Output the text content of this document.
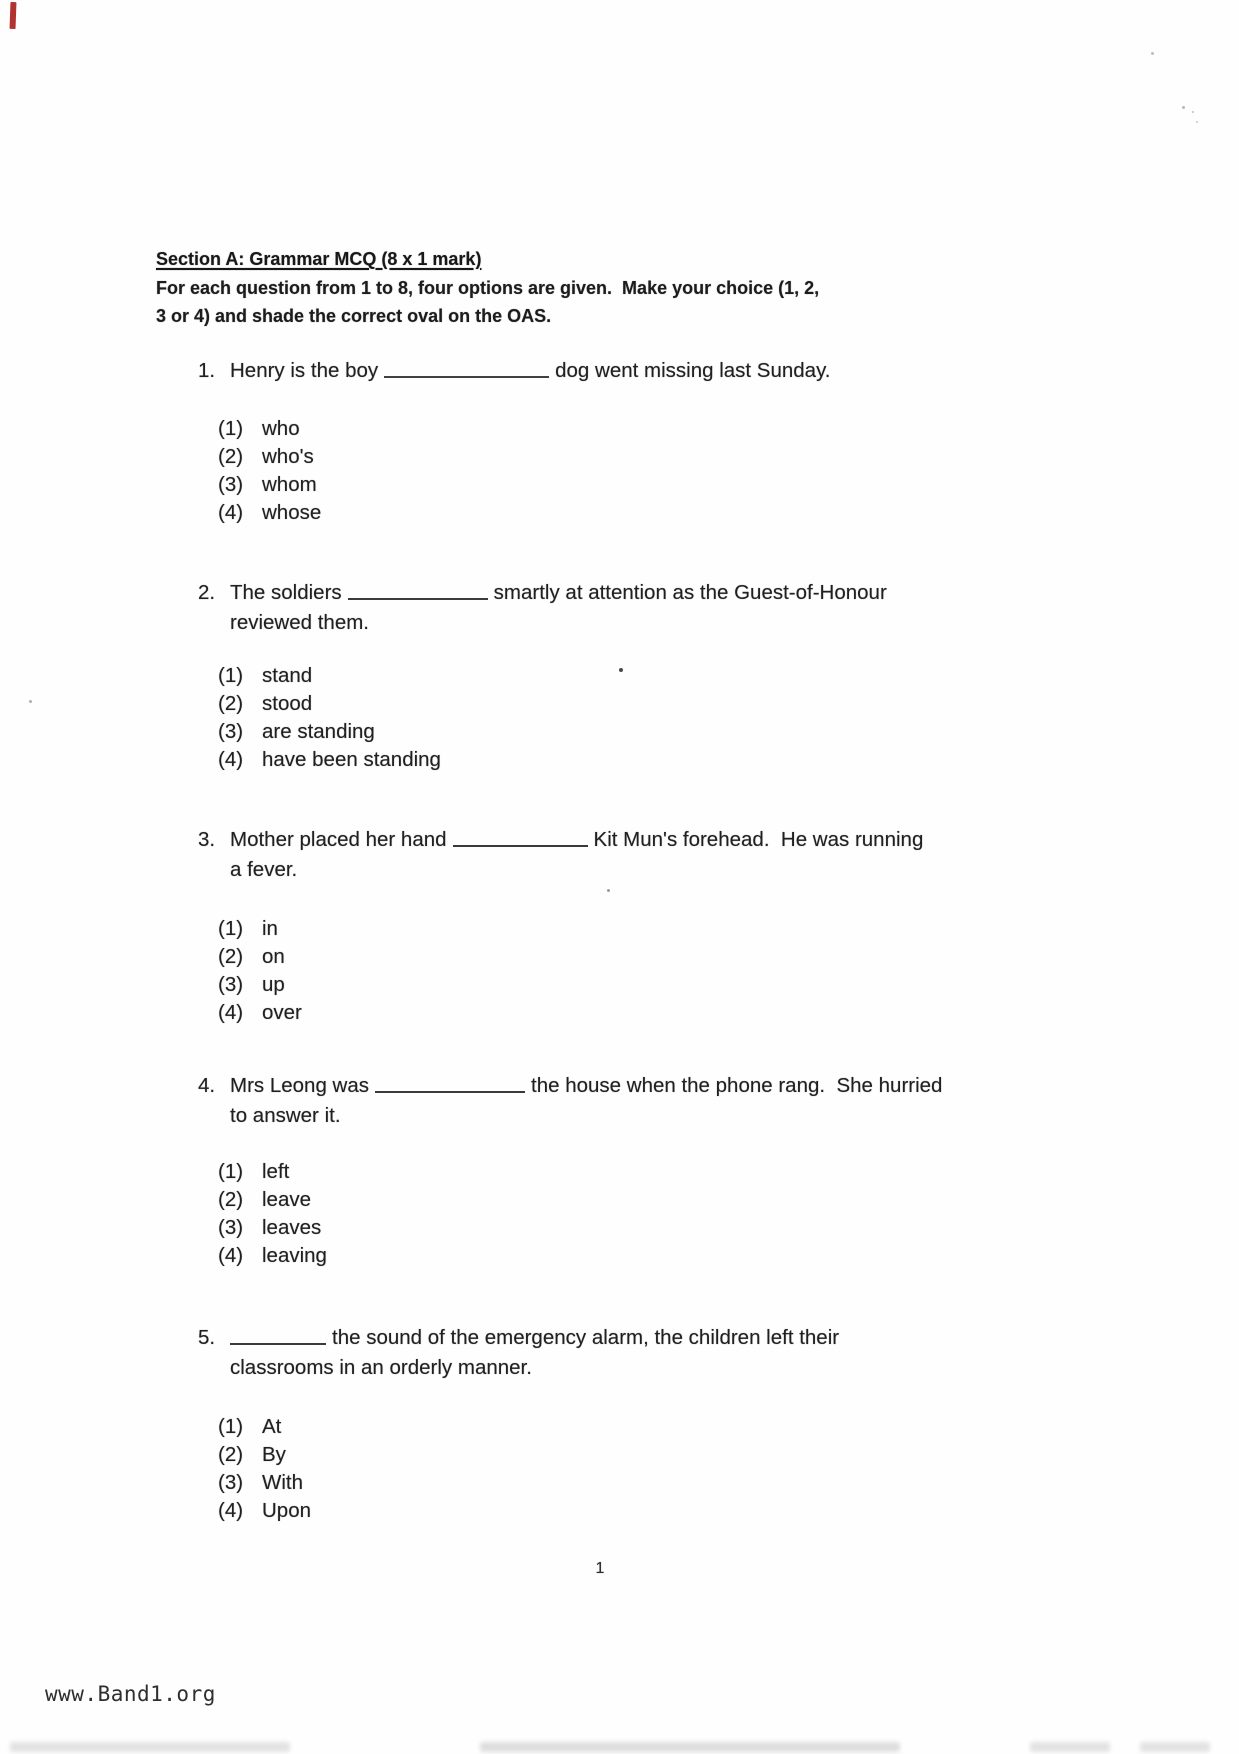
Section A: Grammar MCQ (8 x 1 mark)
For each question from 1 to 8, four options are given.  Make your choice (1, 2,
3 or 4) and shade the correct oval on the OAS.
1. Henry is the boy	dog went missing last Sunday.
(1) who
(2) who's
(3) whom
(4) whose
2. The soldiers	smartly at attention as the Guest-of-Honour
reviewed them.
(1) stand
(2) stood
(3) are standing
(4) have been standing
3. Mother placed her hand	Kit Mun's forehead.  He was running
a fever.
(1) in
(2) on
(3) up
(4) over
4. Mrs Leong was	the house when the phone rang.  She hurried
to answer it.
(1) left
(2) leave
(3) leaves
(4) leaving
5.	the sound of the emergency alarm, the children left their
classrooms in an orderly manner.
(1) At
(2) By
(3) With
(4) Upon
1
www.Band1.org
